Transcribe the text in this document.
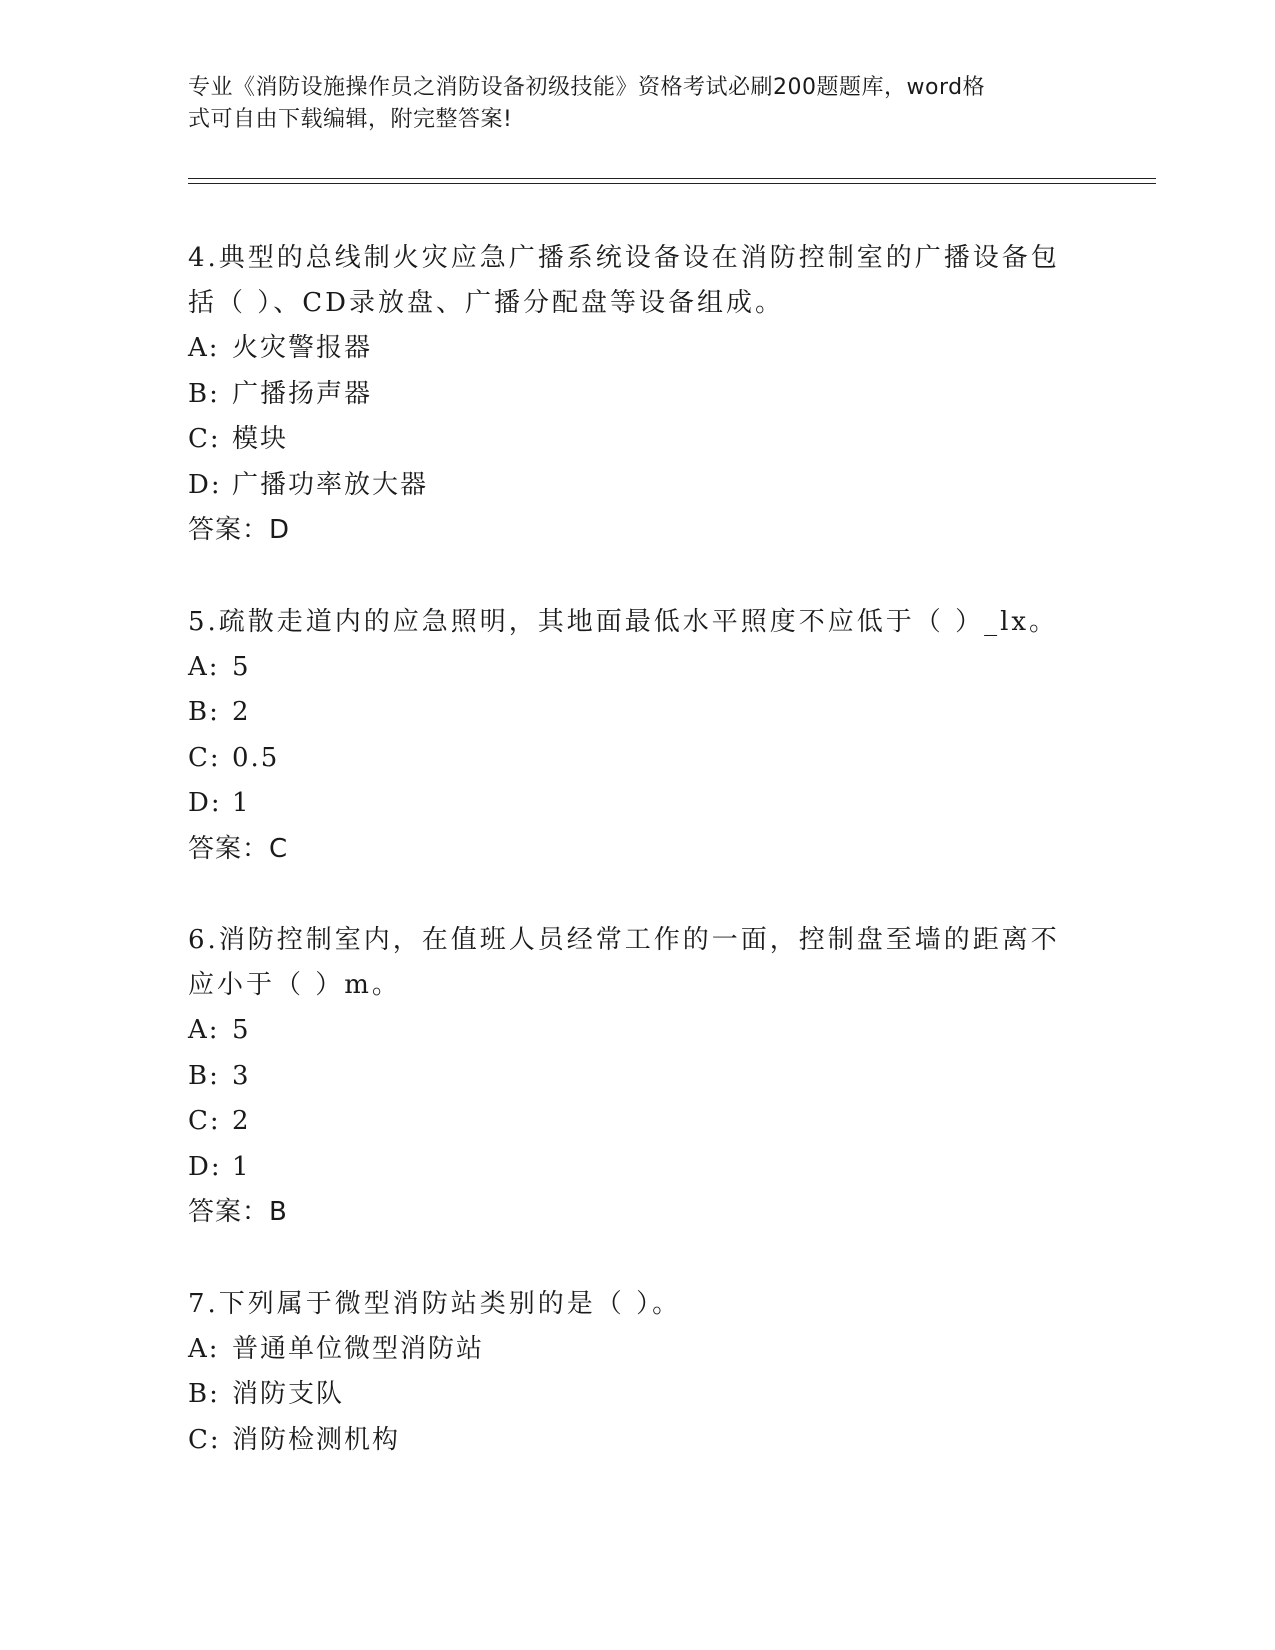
专业《消防设施操作员之消防设备初级技能》资格考试必刷200题题库，word格
式可自由下载编辑，附完整答案!
4.典型的总线制火灾应急广播系统设备设在消防控制室的广播设备包
括（ ）、CD录放盘、广播分配盘等设备组成。
A: 火灾警报器
B: 广播扬声器
C: 模块
D: 广播功率放大器
答案：D
5.疏散走道内的应急照明，其地面最低水平照度不应低于（ ）_lx。
A: 5
B: 2
C: 0.5
D: 1
答案：C
6.消防控制室内，在值班人员经常工作的一面，控制盘至墙的距离不
应小于（ ）m。
A: 5
B: 3
C: 2
D: 1
答案：B
7.下列属于微型消防站类别的是（ ）。
A: 普通单位微型消防站
B: 消防支队
C: 消防检测机构
